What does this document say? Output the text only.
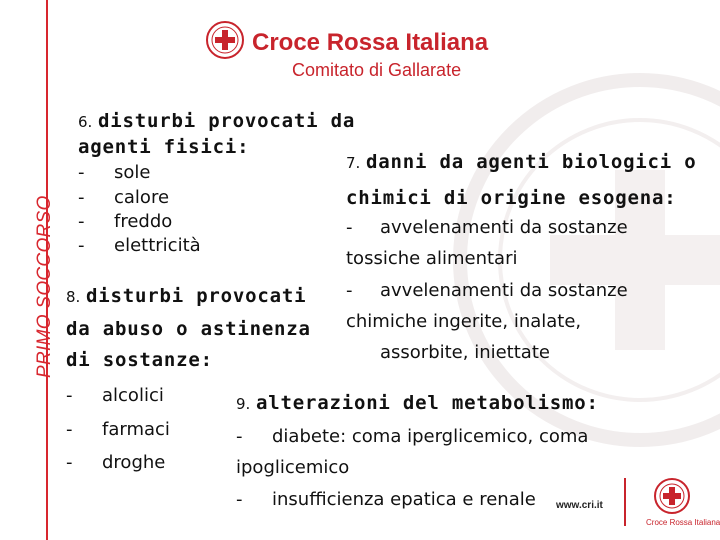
PRIMO SOCCORSO
Croce Rossa Italiana
Comitato di Gallarate
6. disturbi provocati da
agenti fisici:
- sole
- calore
- freddo
- elettricità
7. danni da agenti biologici o
chimici di origine esogena:
- avvelenamenti da sostanze
tossiche alimentari
- avvelenamenti da sostanze
chimiche ingerite, inalate,
assorbite, iniettate
8. disturbi provocati
da abuso o astinenza
di sostanze:
- alcolici
- farmaci
- droghe
9. alterazioni del metabolismo:
- diabete: coma iperglicemico, coma
ipoglicemico
- insufficienza epatica e renale www.cri.it
Croce Rossa Italiana
